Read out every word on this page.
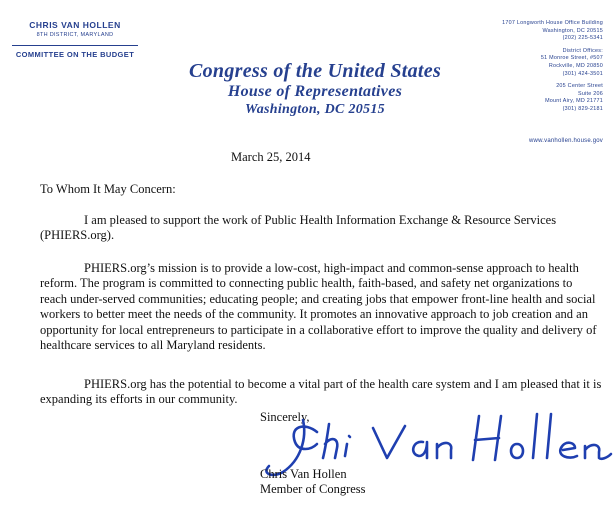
CHRIS VAN HOLLEN
8TH DISTRICT, MARYLAND
COMMITTEE ON THE BUDGET
Congress of the United States
House of Representatives
Washington, DC 20515
1707 Longworth House Office Building
Washington, DC 20515
(202) 225-5341
District Offices:
51 Monroe Street, #507
Rockville, MD 20850
(301) 424-3501
205 Center Street
Suite 206
Mount Airy, MD 21771
(301) 829-2181
www.vanhollen.house.gov
March 25, 2014
To Whom It May Concern:
I am pleased to support the work of Public Health Information Exchange & Resource Services (PHIERS.org).
PHIERS.org’s mission is to provide a low-cost, high-impact and common-sense approach to health reform. The program is committed to connecting public health, faith-based, and safety net organizations to reach under-served communities; educating people; and creating jobs that empower front-line health and social workers to better meet the needs of the community. It promotes an innovative approach to job creation and an opportunity for local entrepreneurs to participate in a collaborative effort to improve the quality and delivery of healthcare services to all Maryland residents.
PHIERS.org has the potential to become a vital part of the health care system and I am pleased that it is expanding its efforts in our community.
Sincerely,
Chris Van Hollen
Member of Congress
